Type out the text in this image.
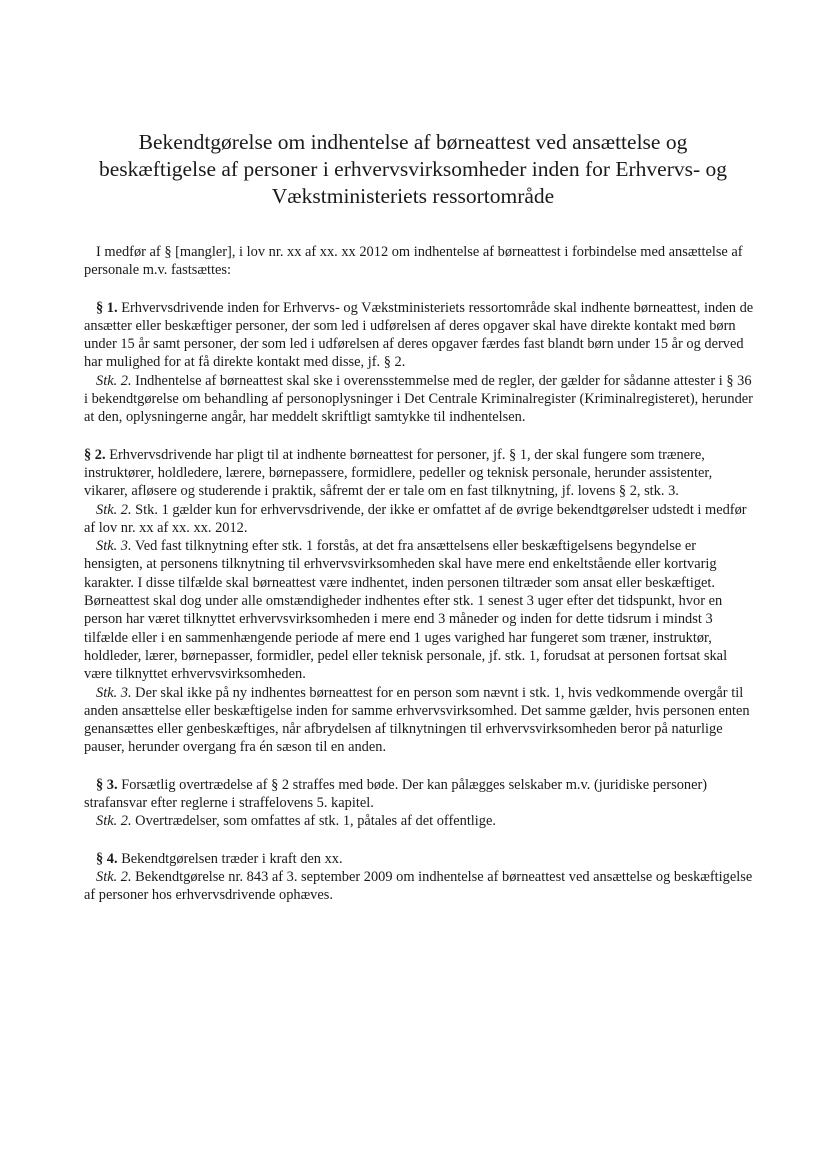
Bekendtgørelse om indhentelse af børneattest ved ansættelse og
beskæftigelse af personer i erhvervsvirksomheder inden for Erhvervs- og
Vækstministeriets ressortområde

I medfør af § [mangler], i lov nr. xx af xx. xx 2012 om indhentelse af børneattest i forbindelse med ansættelse af personale m.v. fastsættes:

§ 1. Erhvervsdrivende inden for Erhvervs- og Vækstministeriets ressortområde skal indhente børneattest, inden de ansætter eller beskæftiger personer, der som led i udførelsen af deres opgaver skal have direkte kontakt med børn under 15 år samt personer, der som led i udførelsen af deres opgaver færdes fast blandt børn under 15 år og derved har mulighed for at få direkte kontakt med disse, jf. § 2.

Stk. 2. Indhentelse af børneattest skal ske i overensstemmelse med de regler, der gælder for sådanne attester i § 36 i bekendtgørelse om behandling af personoplysninger i Det Centrale Kriminalregister (Kriminalregisteret), herunder at den, oplysningerne angår, har meddelt skriftligt samtykke til indhentelsen.

§ 2. Erhvervsdrivende har pligt til at indhente børneattest for personer, jf. § 1, der skal fungere som trænere, instruktører, holdledere, lærere, børnepassere, formidlere, pedeller og teknisk personale, herunder assistenter, vikarer, afløsere og studerende i praktik, såfremt der er tale om en fast tilknytning, jf. lovens § 2, stk. 3.

Stk. 2. Stk. 1 gælder kun for erhvervsdrivende, der ikke er omfattet af de øvrige bekendtgørelser udstedt i medfør af lov nr. xx af xx. xx. 2012.

Stk. 3. Ved fast tilknytning efter stk. 1 forstås, at det fra ansættelsens eller beskæftigelsens begyndelse er hensigten, at personens tilknytning til erhvervsvirksomheden skal have mere end enkeltstående eller kortvarig karakter. I disse tilfælde skal børneattest være indhentet, inden personen tiltræder som ansat eller beskæftiget. Børneattest skal dog under alle omstændigheder indhentes efter stk. 1 senest 3 uger efter det tidspunkt, hvor en person har været tilknyttet erhvervsvirksomheden i mere end 3 måneder og inden for dette tidsrum i mindst 3 tilfælde eller i en sammenhængende periode af mere end 1 uges varighed har fungeret som træner, instruktør, holdleder, lærer, børnepasser, formidler, pedel eller teknisk personale, jf. stk. 1, forudsat at personen fortsat skal være tilknyttet erhvervsvirksomheden.

Stk. 3. Der skal ikke på ny indhentes børneattest for en person som nævnt i stk. 1, hvis vedkommende overgår til anden ansættelse eller beskæftigelse inden for samme erhvervsvirksomhed. Det samme gælder, hvis personen enten genansættes eller genbeskæftiges, når afbrydelsen af tilknytningen til erhvervsvirksomheden beror på naturlige pauser, herunder overgang fra én sæson til en anden.

§ 3. Forsætlig overtrædelse af § 2 straffes med bøde. Der kan pålægges selskaber m.v. (juridiske personer) strafansvar efter reglerne i straffelovens 5. kapitel.

Stk. 2. Overtrædelser, som omfattes af stk. 1, påtales af det offentlige.

§ 4. Bekendtgørelsen træder i kraft den xx.

Stk. 2. Bekendtgørelse nr. 843 af 3. september 2009 om indhentelse af børneattest ved ansættelse og beskæftigelse af personer hos erhvervsdrivende ophæves.
